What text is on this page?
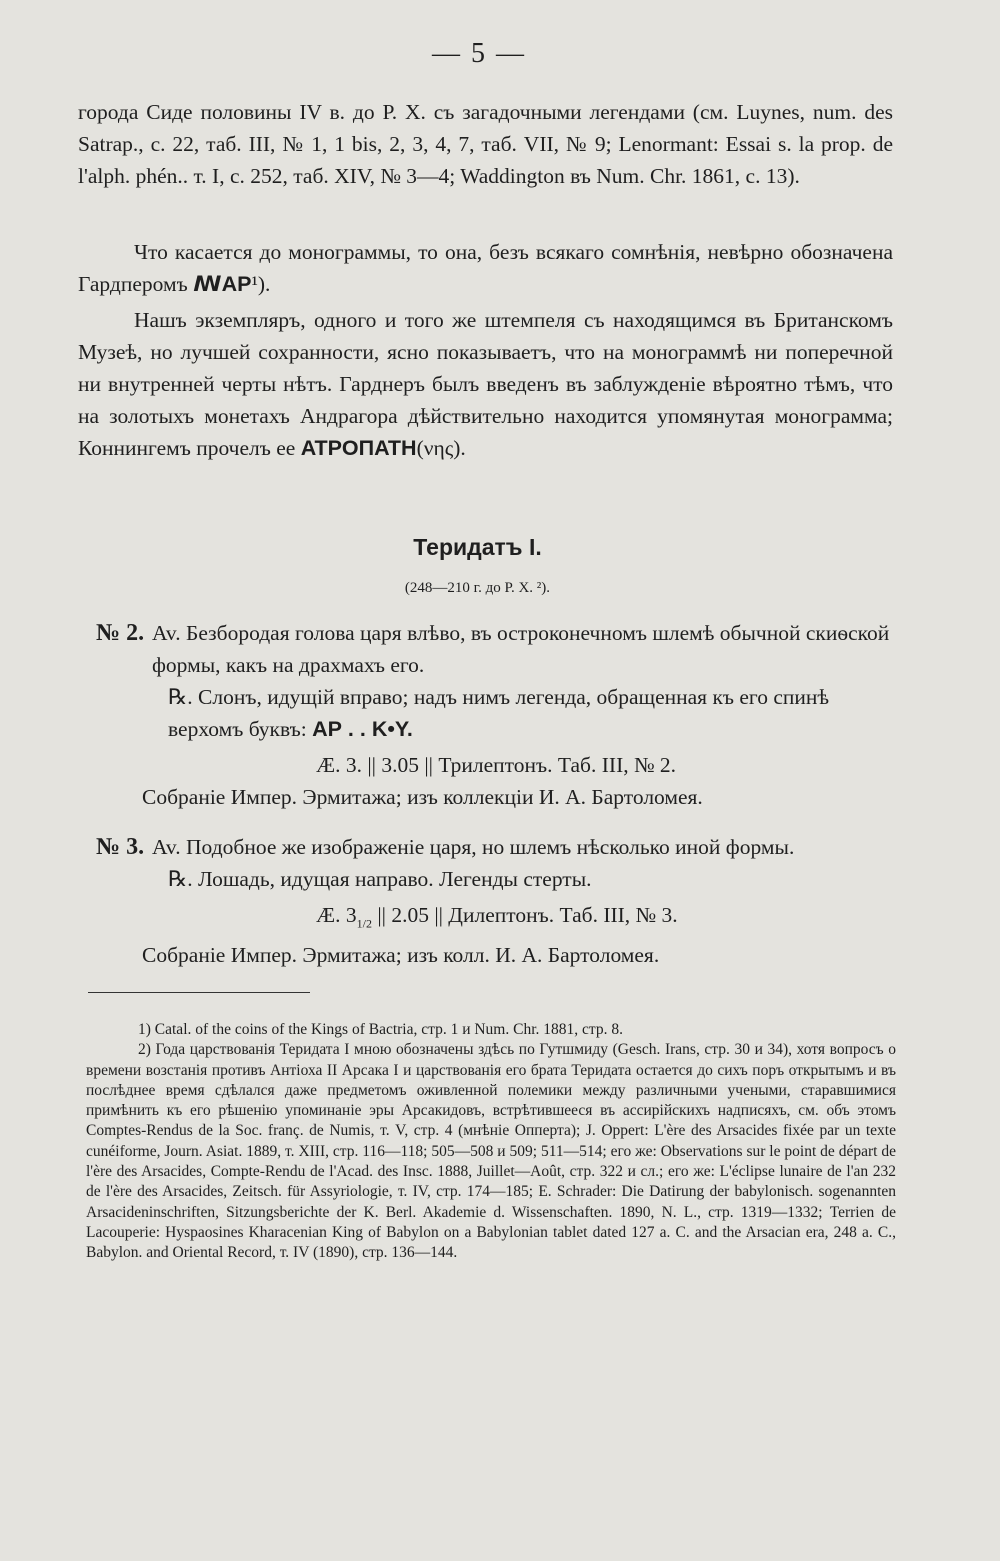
— 5 —
города Сиде половины IV в. до Р. Х. съ загадочными легендами (см. Luynes, num. des Satrap., с. 22, таб. III, № 1, 1 bis, 2, 3, 4, 7, таб. VII, № 9; Lenormant: Essai s. la prop. de l'alph. phén.. т. I, с. 252, таб. XIV, № 3—4; Waddington въ Num. Chr. 1861, с. 13).
Что касается до монограммы, то она, безъ всякаго сомнѣнія, невѣрно обозначена Гардперомъ ꟿΑΡ¹).
Нашъ экземпляръ, одного и того же штемпеля съ находящимся въ Британскомъ Музеѣ, но лучшей сохранности, ясно показываетъ, что на монограммѣ ни поперечной ни внутренней черты нѣтъ. Гарднеръ былъ введенъ въ заблужденіе вѣроятно тѣмъ, что на золотыхъ монетахъ Андрагора дѣйствительно находится упомянутая монограмма; Коннингемъ прочелъ ее ΑΤΡΟΠΑΤΗ(νης).
Теридатъ I.
(248—210 г. до Р. Х. ²).
№ 2. Av. Безбородая голова царя влѣво, въ остроконечномъ шлемѣ обычной скиѳской формы, какъ на драхмахъ его.
℞. Слонъ, идущій вправо; надъ нимъ легенда, обращенная къ его спинѣ верхомъ буквъ: ΑΡ . . Κ•Υ.
Æ. 3. || 3.05 || Трилептонъ. Таб. III, № 2.
Собраніе Импер. Эрмитажа; изъ коллекціи И. А. Бартоломея.
№ 3. Av. Подобное же изображеніе царя, но шлемъ нѣсколько иной формы.
℞. Лошадь, идущая направо. Легенды стерты.
Æ. $3_{1/2}$ || 2.05 || Дилептонъ. Таб. III, № 3.
Собраніе Импер. Эрмитажа; изъ колл. И. А. Бартоломея.
1) Catal. of the coins of the Kings of Bactria, стр. 1 и Num. Chr. 1881, стр. 8.
2) Года царствованія Теридата I мною обозначены здѣсь по Гутшмиду (Gesch. Irans, стр. 30 и 34), хотя вопросъ о времени возстанія противъ Антіоха II Арсака I и царствованія его брата Теридата остается до сихъ поръ открытымъ и въ послѣднее время сдѣлался даже предметомъ оживленной полемики между различными учеными, старавшимися примѣнить къ его рѣшенію упоминаніе эры Арсакидовъ, встрѣтившееся въ ассирійскихъ надписяхъ, см. объ этомъ Comptes-Rendus de la Soc. franç. de Numis, т. V, стр. 4 (мнѣніе Опперта); J. Oppert: L'ère des Arsacides fixée par un texte cunéiforme, Journ. Asiat. 1889, т. XIII, стр. 116—118; 505—508 и 509; 511—514; его же: Observations sur le point de départ de l'ère des Arsacides, Compte-Rendu de l'Acad. des Insc. 1888, Juillet—Août, стр. 322 и сл.; его же: L'éclipse lunaire de l'an 232 de l'ère des Arsacides, Zeitsch. für Assyriologie, т. IV, стр. 174—185; E. Schrader: Die Datirung der babylonisch. sogenannten Arsacideninschriften, Sitzungsberichte der K. Berl. Akademie d. Wissenschaften. 1890, N. L., стр. 1319—1332; Terrien de Lacouperie: Hyspaosines Kharacenian King of Babylon on a Babylonian tablet dated 127 a. C. and the Arsacian era, 248 a. C., Babylon. and Oriental Record, т. IV (1890), стр. 136—144.
